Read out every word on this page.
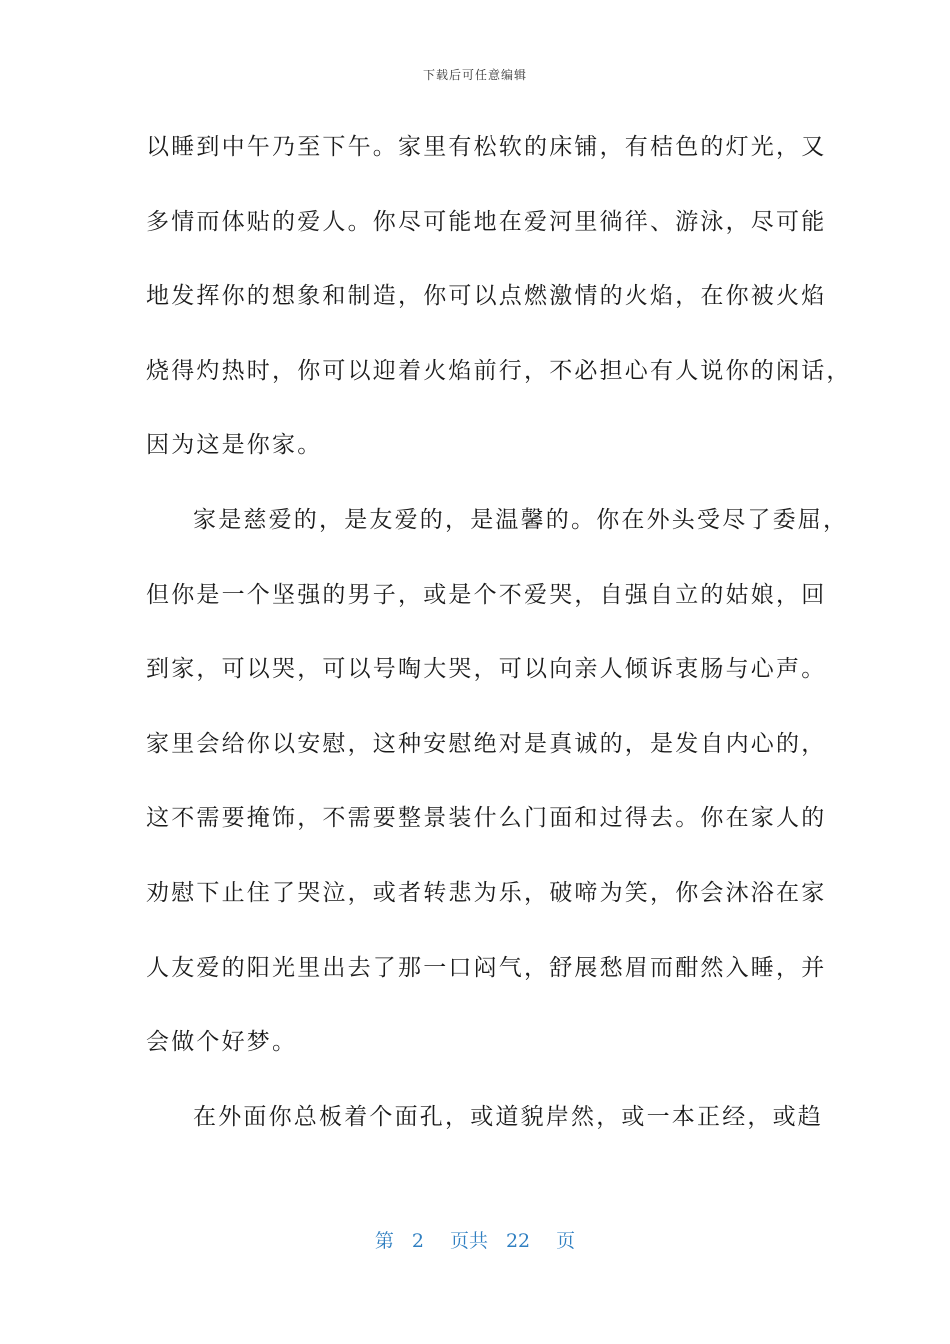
下载后可任意编辑
以睡到中午乃至下午。家里有松软的床铺，有桔色的灯光，又
多情而体贴的爱人。你尽可能地在爱河里徜徉、游泳，尽可能
地发挥你的想象和制造，你可以点燃激情的火焰，在你被火焰
烧得灼热时，你可以迎着火焰前行，不必担心有人说你的闲话，
因为这是你家。
家是慈爱的，是友爱的，是温馨的。你在外头受尽了委屈，
但你是一个坚强的男子，或是个不爱哭，自强自立的姑娘，回
到家，可以哭，可以号啕大哭，可以向亲人倾诉衷肠与心声。
家里会给你以安慰，这种安慰绝对是真诚的，是发自内心的，
这不需要掩饰，不需要整景装什么门面和过得去。你在家人的
劝慰下止住了哭泣，或者转悲为乐，破啼为笑，你会沐浴在家
人友爱的阳光里出去了那一口闷气，舒展愁眉而酣然入睡，并
会做个好梦。
在外面你总板着个面孔，或道貌岸然，或一本正经，或趋
第 2 页共 22 页
